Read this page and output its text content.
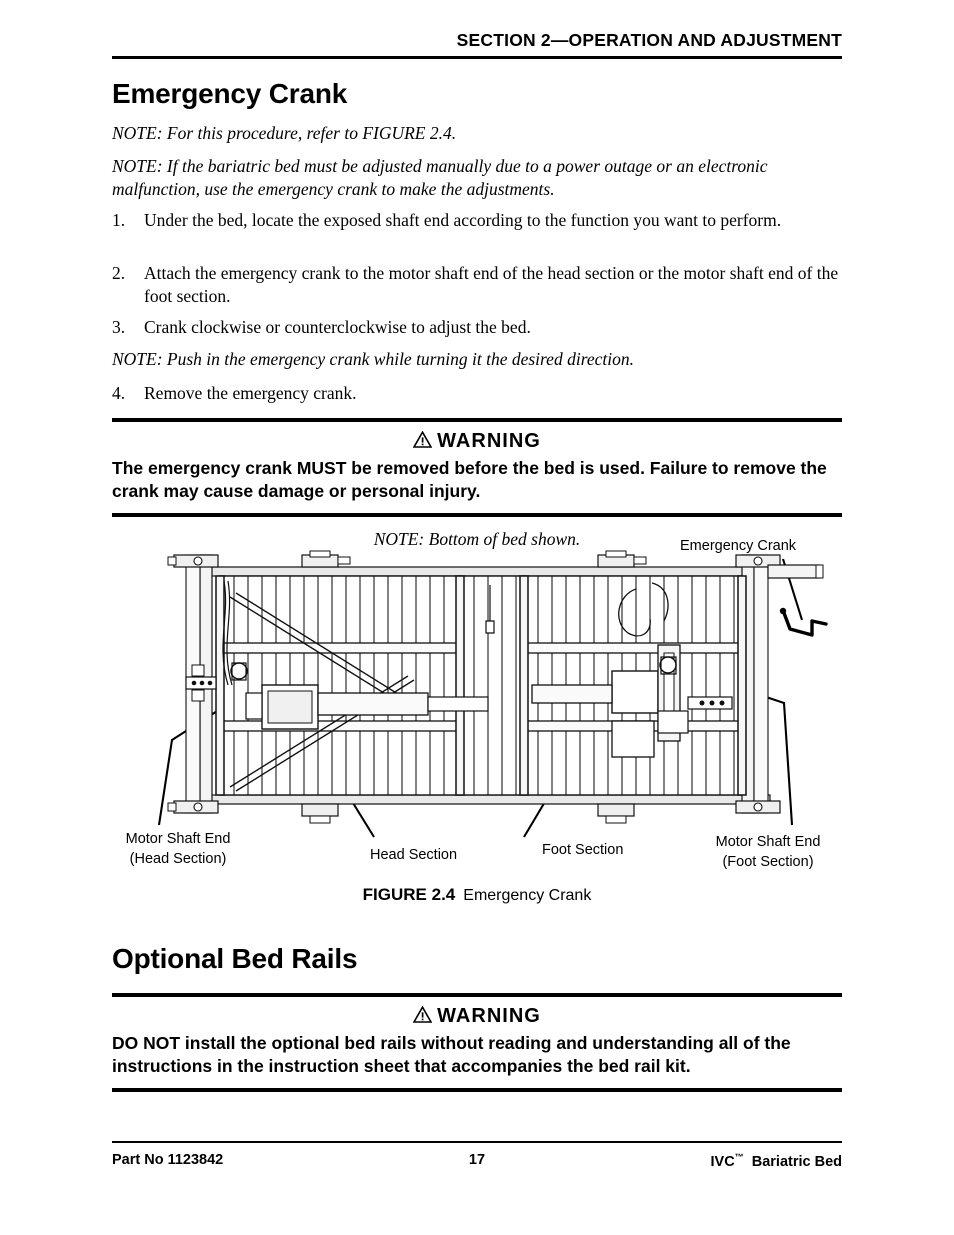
SECTION 2—OPERATION AND ADJUSTMENT
Emergency Crank
NOTE: For this procedure, refer to FIGURE 2.4.
NOTE: If the bariatric bed must be adjusted manually due to a power outage or an electronic malfunction, use the emergency crank to make the adjustments.
1.	Under the bed, locate the exposed shaft end according to the function you want to perform.
2.	Attach the emergency crank to the motor shaft end of the head section or the motor shaft end of the foot section.
3.	Crank clockwise or counterclockwise to adjust the bed.
NOTE: Push in the emergency crank while turning it the desired direction.
4.	Remove the emergency crank.
WARNING
The emergency crank MUST be removed before the bed is used. Failure to remove the crank may cause damage or personal injury.
NOTE: Bottom of bed shown.	Emergency Crank
Motor Shaft End
(Head Section)	Head Section	Foot Section	Motor Shaft End
(Foot Section)
FIGURE 2.4 Emergency Crank
Optional Bed Rails
WARNING
DO NOT install the optional bed rails without reading and understanding all of the instructions in the instruction sheet that accompanies the bed rail kit.
Part No 1123842	17	IVC™ Bariatric Bed
